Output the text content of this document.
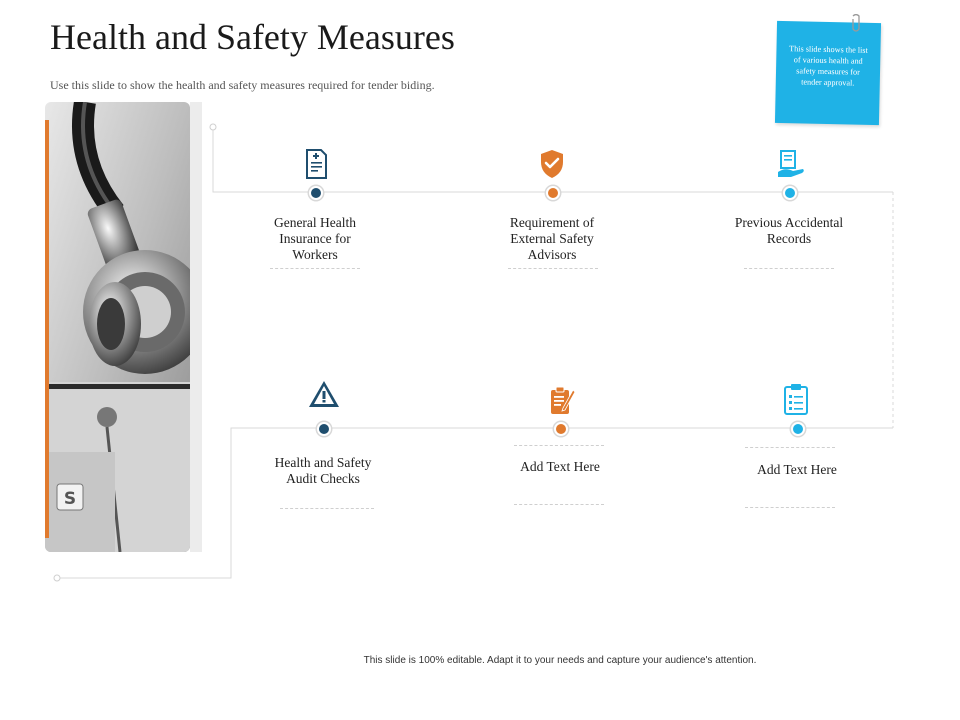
Health and Safety Measures
Use this slide to show the health and safety measures required for tender biding.
S
This slide shows the list of various health and safety measures for tender approval.
General Health Insurance for Workers
Requirement of External Safety Advisors
Previous Accidental Records
Health and Safety Audit Checks
Add Text Here	Add Text Here
This slide is 100% editable. Adapt it to your needs and capture your audience's attention.
